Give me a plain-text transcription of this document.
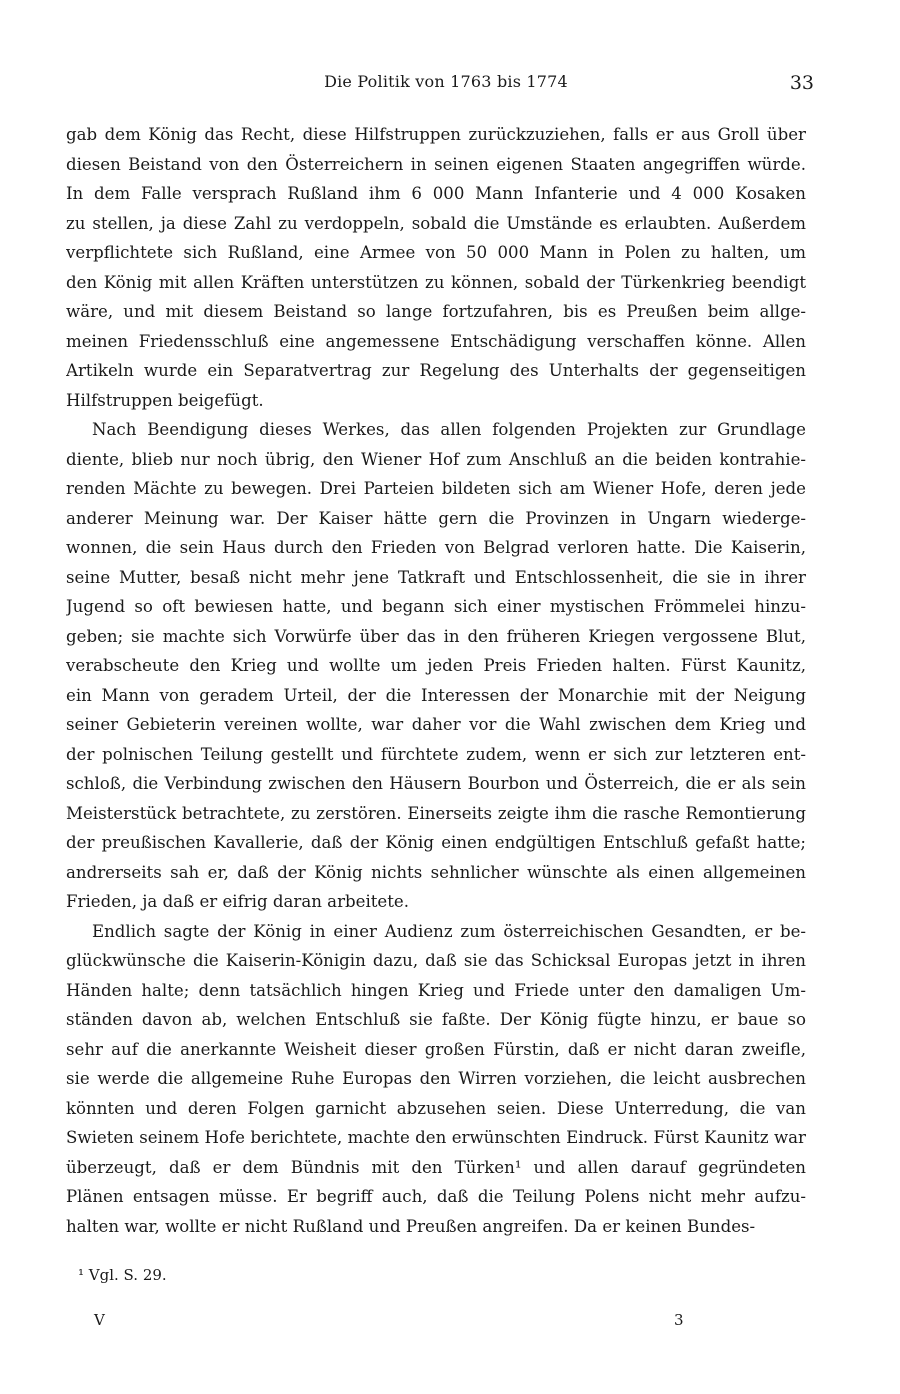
Die Politik von 1763 bis 1774	33
gab dem König das Recht, diese Hilfstruppen zurückzuziehen, falls er aus Groll über
diesen Beistand von den Österreichern in seinen eigenen Staaten angegriffen würde.
In dem Falle versprach Rußland ihm 6 000 Mann Infanterie und 4 000 Kosaken
zu stellen, ja diese Zahl zu verdoppeln, sobald die Umstände es erlaubten. Außerdem
verpflichtete sich Rußland, eine Armee von 50 000 Mann in Polen zu halten, um
den König mit allen Kräften unterstützen zu können, sobald der Türkenkrieg beendigt
wäre, und mit diesem Beistand so lange fortzufahren, bis es Preußen beim allge-
meinen Friedensschluß eine angemessene Entschädigung verschaffen könne. Allen
Artikeln wurde ein Separatvertrag zur Regelung des Unterhalts der gegenseitigen
Hilfstruppen beigefügt.
Nach Beendigung dieses Werkes, das allen folgenden Projekten zur Grundlage
diente, blieb nur noch übrig, den Wiener Hof zum Anschluß an die beiden kontrahie-
renden Mächte zu bewegen. Drei Parteien bildeten sich am Wiener Hofe, deren jede
anderer Meinung war. Der Kaiser hätte gern die Provinzen in Ungarn wiederge-
wonnen, die sein Haus durch den Frieden von Belgrad verloren hatte. Die Kaiserin,
seine Mutter, besaß nicht mehr jene Tatkraft und Entschlossenheit, die sie in ihrer
Jugend so oft bewiesen hatte, und begann sich einer mystischen Frömmelei hinzu-
geben; sie machte sich Vorwürfe über das in den früheren Kriegen vergossene Blut,
verabscheute den Krieg und wollte um jeden Preis Frieden halten. Fürst Kaunitz,
ein Mann von geradem Urteil, der die Interessen der Monarchie mit der Neigung
seiner Gebieterin vereinen wollte, war daher vor die Wahl zwischen dem Krieg und
der polnischen Teilung gestellt und fürchtete zudem, wenn er sich zur letzteren ent-
schloß, die Verbindung zwischen den Häusern Bourbon und Österreich, die er als sein
Meisterstück betrachtete, zu zerstören. Einerseits zeigte ihm die rasche Remontierung
der preußischen Kavallerie, daß der König einen endgültigen Entschluß gefaßt hatte;
andrerseits sah er, daß der König nichts sehnlicher wünschte als einen allgemeinen
Frieden, ja daß er eifrig daran arbeitete.
Endlich sagte der König in einer Audienz zum österreichischen Gesandten, er be-
glückwünsche die Kaiserin-Königin dazu, daß sie das Schicksal Europas jetzt in ihren
Händen halte; denn tatsächlich hingen Krieg und Friede unter den damaligen Um-
ständen davon ab, welchen Entschluß sie faßte. Der König fügte hinzu, er baue so
sehr auf die anerkannte Weisheit dieser großen Fürstin, daß er nicht daran zweifle,
sie werde die allgemeine Ruhe Europas den Wirren vorziehen, die leicht ausbrechen
könnten und deren Folgen garnicht abzusehen seien. Diese Unterredung, die van
Swieten seinem Hofe berichtete, machte den erwünschten Eindruck. Fürst Kaunitz war
überzeugt, daß er dem Bündnis mit den Türken¹ und allen darauf gegründeten
Plänen entsagen müsse. Er begriff auch, daß die Teilung Polens nicht mehr aufzu-
halten war, wollte er nicht Rußland und Preußen angreifen. Da er keinen Bundes-
¹ Vgl. S. 29.
V	3
